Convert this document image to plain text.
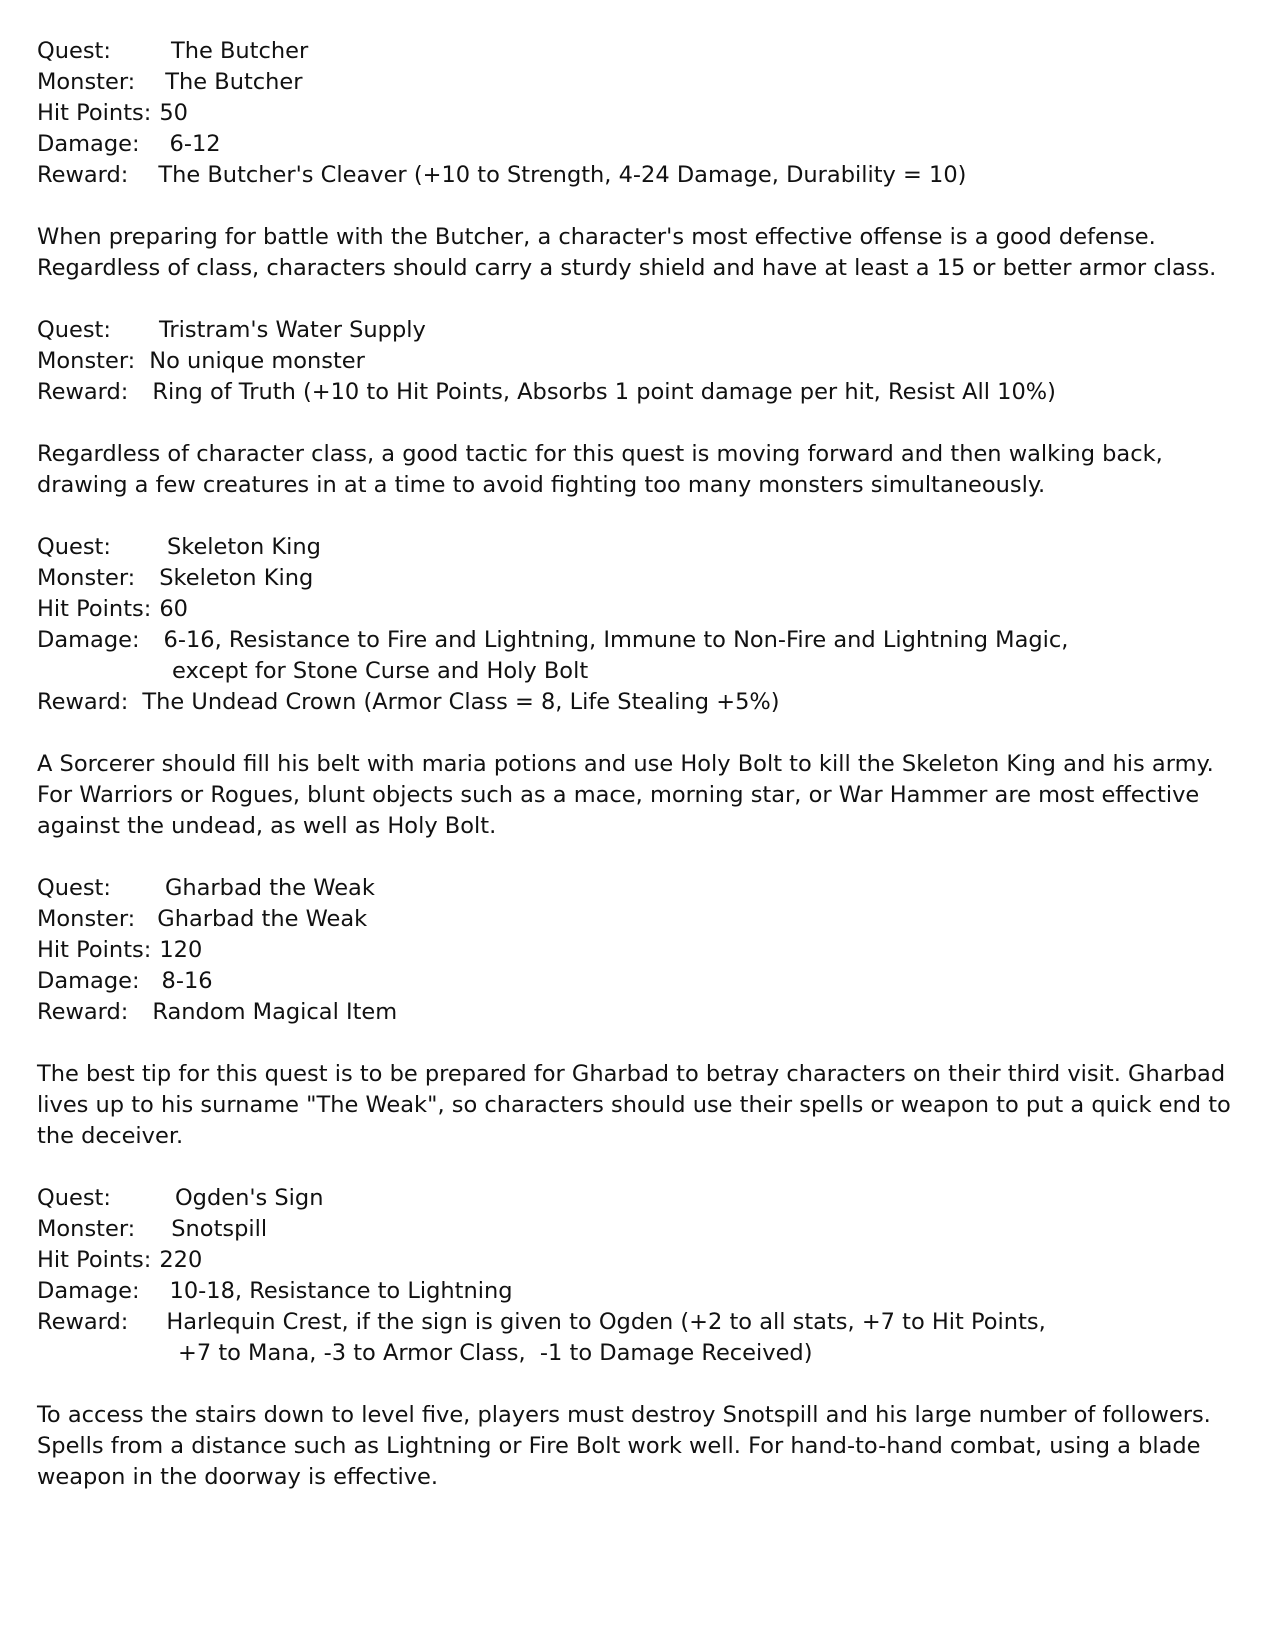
Quest:	The Butcher
Monster: The Butcher
Hit Points: 50
Damage: 6-12
Reward: The Butcher's Cleaver (+10 to Strength, 4-24 Damage, Durability = 10)

When preparing for battle with the Butcher, a character's most effective offense is a good defense. Regardless of class, characters should carry a sturdy shield and have at least a 15 or better armor class.

Quest: Tristram's Water Supply
Monster: No unique monster
Reward: Ring of Truth (+10 to Hit Points, Absorbs 1 point damage per hit, Resist All 10%)

Regardless of character class, a good tactic for this quest is moving forward and then walking back, drawing a few creatures in at a time to avoid fighting too many monsters simultaneously.

Quest: Skeleton King
Monster: Skeleton King
Hit Points: 60
Damage: 6-16, Resistance to Fire and Lightning, Immune to Non-Fire and Lightning Magic,
except for Stone Curse and Holy Bolt
Reward: The Undead Crown (Armor Class = 8, Life Stealing +5%)

A Sorcerer should fill his belt with maria potions and use Holy Bolt to kill the Skeleton King and his army. For Warriors or Rogues, blunt objects such as a mace, morning star, or War Hammer are most effective against the undead, as well as Holy Bolt.

Quest: Gharbad the Weak
Monster: Gharbad the Weak
Hit Points: 120
Damage: 8-16
Reward: Random Magical Item

The best tip for this quest is to be prepared for Gharbad to betray characters on their third visit. Gharbad lives up to his surname "The Weak", so characters should use their spells or weapon to put a quick end to the deceiver.

Quest:	Ogden's Sign
Monster: Snotspill
Hit Points: 220
Damage: 10-18, Resistance to Lightning
Reward: Harlequin Crest, if the sign is given to Ogden (+2 to all stats, +7 to Hit Points,
+7 to Mana, -3 to Armor Class,  -1 to Damage Received)

To access the stairs down to level five, players must destroy Snotspill and his large number of followers. Spells from a distance such as Lightning or Fire Bolt work well. For hand-to-hand combat, using a blade weapon in the doorway is effective.
